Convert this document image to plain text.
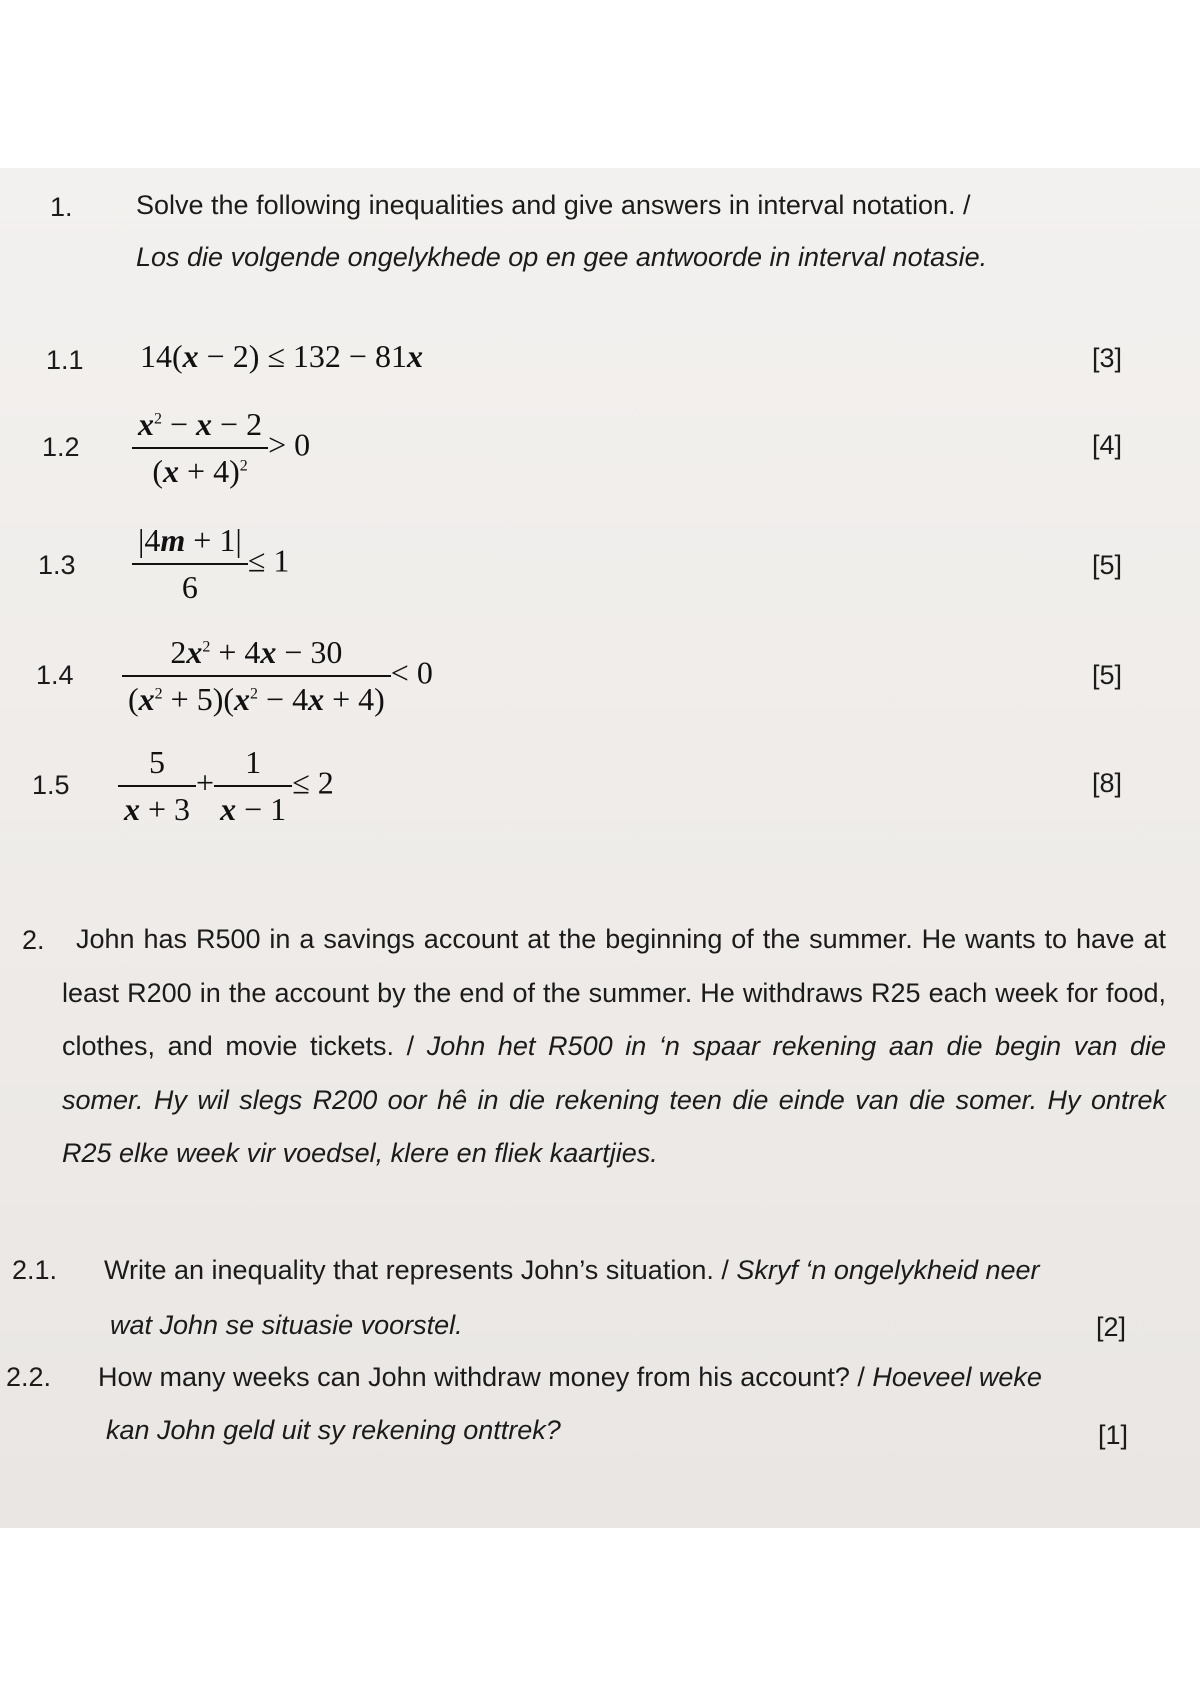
1. Solve the following inequalities and give answers in interval notation. /
Los die volgende ongelykhede op en gee antwoorde in interval notasie.
1.1 14(x − 2) ≤ 132 − 81x	[3]
$1.2 \frac{x^2 - x - 2}{(x + 4)^2} > 0$	[4]
$1.3 \frac{|4m + 1|}{6} \le 1$	[5]
$1.4 \frac{2x^2 + 4x - 30}{(x^2 + 5)(x^2 - 4x + 4)} < 0$	[5]
$1.5 \frac{5}{x + 3} + \frac{1}{x - 1} \le 2$	[8]
2.	John has R500 in a savings account at the beginning of the summer. He wants to have at least R200 in the account by the end of the summer. He withdraws R25 each week for food, clothes, and movie tickets. / John het R500 in ‘n spaar rekening aan die begin van die somer. Hy wil slegs R200 oor hê in die rekening teen die einde van die somer. Hy ontrek R25 elke week vir voedsel, klere en fliek kaartjies.
2.1. Write an inequality that represents John’s situation. / Skryf ‘n ongelykheid neer
wat John se situasie voorstel.	[2]
2.2. How many weeks can John withdraw money from his account? / Hoeveel weke
kan John geld uit sy rekening onttrek?	[1]
